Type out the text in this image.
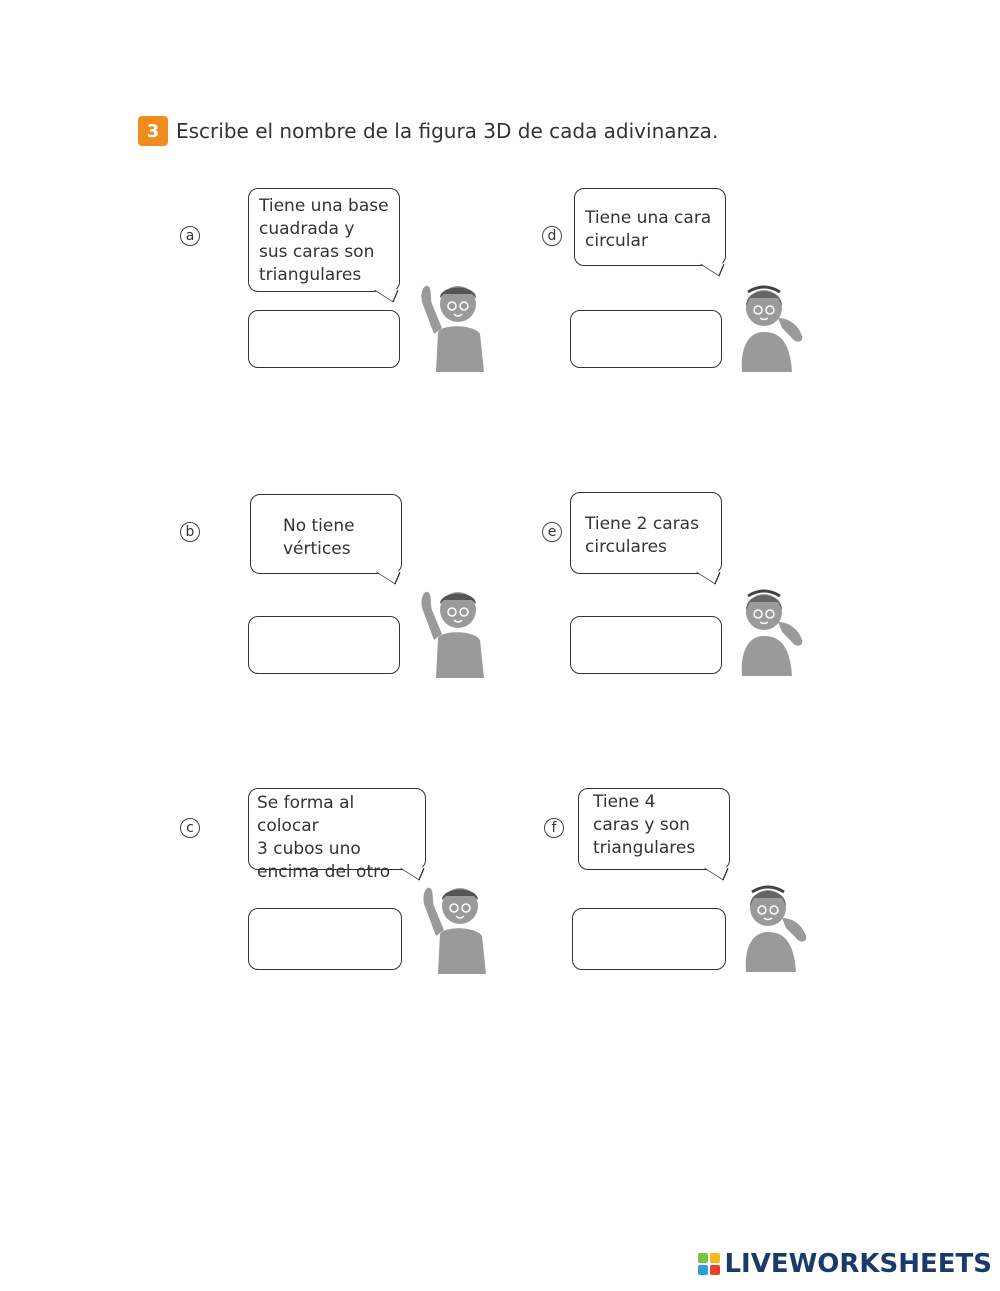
3 Escribe el nombre de la figura 3D de cada adivinanza.
a
Tiene una base
cuadrada y
sus caras son
triangulares
b	No tiene
vértices
c
Se forma al colocar
3 cubos uno
encima del otro
d
Tiene una cara
circular
e	Tiene 2 caras
circulares
f
Tiene 4
caras y son
triangulares
LIVEWORKSHEETS
